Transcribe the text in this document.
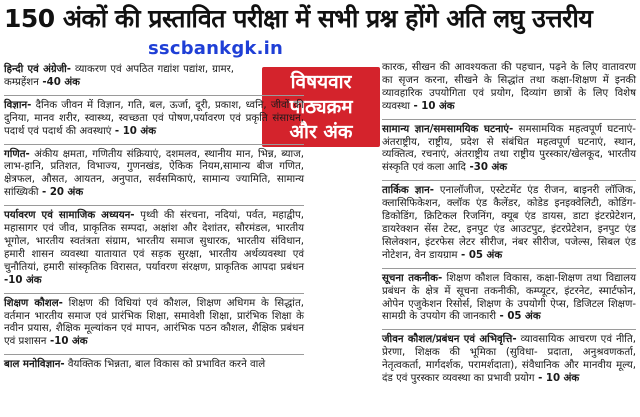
150 अंकों की प्रस्तावित परीक्षा में सभी प्रश्न होंगे अति लघु उत्तरीय
sscbankgk.in
विषयवार
पाठ्यक्रम
और अंक
हिन्दी एवं अंग्रेजी- व्याकरण एवं अपठित गद्यांश पद्यांश, ग्रामर, कम्प्रहेंशन -40 अंक
विज्ञान- दैनिक जीवन में विज्ञान, गति, बल, ऊर्जा, दूरी, प्रकाश, ध्वनि, जीवों की दुनिया, मानव शरीर, स्वास्थ्य, स्वच्छता एवं पोषण,पर्यावरण एवं प्रकृति संसाधन, पदार्थ एवं पदार्थ की अवस्थाएं - 10 अंक
गणित- अंकीय क्षमता, गणितीय संक्रियाएं, दशमलव, स्थानीय मान, भिन्न, ब्याज, लाभ-हानि, प्रतिशत, विभाज्य, गुणनखंड, ऐकिक नियम,सामान्य बीज गणित, क्षेत्रफल, औसत, आयतन, अनुपात, सर्वसमिकाएं, सामान्य ज्यामिति, सामान्य सांख्यिकी - 20 अंक
पर्यावरण एवं सामाजिक अध्ययन- पृथ्वी की संरचना, नदियां, पर्वत, महाद्वीप, महासागर एवं जीव, प्राकृतिक सम्पदा, अक्षांश और देशांतर, सौरमंडल, भारतीय भूगोल, भारतीय स्वतंत्रता संग्राम, भारतीय समाज सुधारक, भारतीय संविधान, हमारी शासन व्यवस्था यातायात एवं सड़क सुरक्षा, भारतीय अर्थव्यवस्था एवं चुनौतियां, हमारी सांस्कृतिक विरासत, पर्यावरण संरक्षण, प्राकृतिक आपदा प्रबंधन -10 अंक
शिक्षण कौशल- शिक्षण की विधियां एवं कौशल, शिक्षण अधिगम के सिद्धांत, वर्तमान भारतीय समाज एवं प्रारंभिक शिक्षा, समावेशी शिक्षा, प्रारंभिक शिक्षा के नवीन प्रयास, शैक्षिक मूल्यांकन एवं मापन, आरंभिक पठन कौशल, शैक्षिक प्रबंधन एवं प्रशासन -10 अंक
बाल मनोविज्ञान- वैयक्तिक भिन्नता, बाल विकास को प्रभावित करने वाले
कारक, सीखन की आवश्यकता की पहचान, पढ़ने के लिए वातावरण का सृजन करना, सीखने के सिद्धांत तथा कक्षा-शिक्षण में इनकी व्यावहारिक उपयोगिता एवं प्रयोग, दिव्यांग छात्रों के लिए विशेष व्यवस्था - 10 अंक
सामान्य ज्ञान/समसामयिक घटनाएं- समसामयिक महत्वपूर्ण घटनाएं-अंतराष्ट्रीय, राष्ट्रीय, प्रदेश से संबंधित महत्वपूर्ण घटनाएं, स्थान, व्यक्तित्व, रचनाएं, अंतराष्ट्रीय तथा राष्ट्रीय पुरस्कार/खेलकूद, भारतीय संस्कृति एवं कला आदि -30 अंक
तार्किक ज्ञान- एनालॉजीज, एस्टेटमेंट एंड रीजन, बाइनरी लॉजिक, क्लासिफिकेशन, क्लॉक एंड कैलेंडर, कोडेड इनइक्वेलिटी, कोडिंग-डिकोडिंग, क्रिटिकल रिजनिंग, क्यूब एंड डायस, डाटा इंटरप्रेटेशन, डायरेक्शन सेंस टेस्ट, इनपुट एंड आउटपुट, इंटरप्रेटेशन, इनपुट एंड सिलेक्शन, इंटरफेस लेटर सीरीज, नंबर सीरीज, पजेल्स, सिबल एंड नोटेशन, वेन डायग्राम - 05 अंक
सूचना तकनीक- शिक्षण कौशल विकास, कक्षा-शिक्षण तथा विद्यालय प्रबंधन के क्षेत्र में सूचना तकनीकी, कम्प्यूटर, इंटरनेट, स्मार्टफोन, ओपेन एजुकेशन रिसोर्स, शिक्षण के उपयोगी ऐप्स, डिजिटल शिक्षण-सामग्री के उपयोग की जानकारी - 05 अंक
जीवन कौशल/प्रबंधन एवं अभिवृत्ति- व्यावसायिक आचरण एवं नीति, प्रेरणा, शिक्षक की भूमिका (सुविधा- प्रदाता, अनुश्रवणकर्ता, नेतृत्वकर्ता, मार्गदर्शक, परामर्शदाता), संवैधानिक और मानवीय मूल्य, दंड एवं पुरस्कार व्यवस्था का प्रभावी प्रयोग - 10 अंक
